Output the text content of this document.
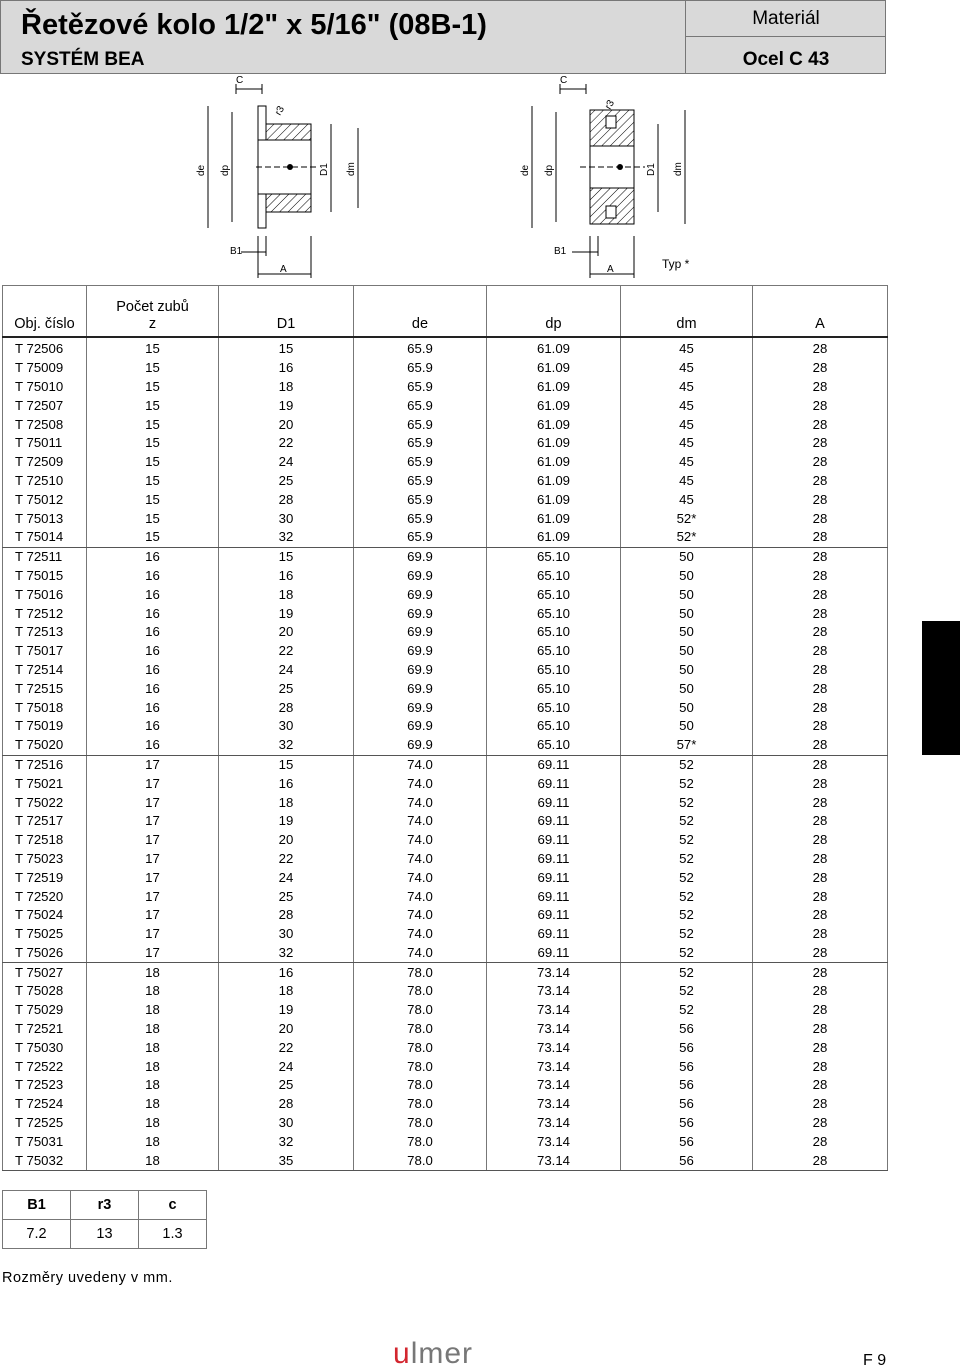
Řetězové kolo 1/2" x 5/16" (08B-1)
SYSTÉM BEA
Materiál
Ocel C 43
C
r3
de dp	D1 dm
B1
A
C
r3
de dp	D1 dm
B1
A	Typ *
Obj. číslo	Počet zubů
z	D1	de	dp	dm	A
T 72506	15	15	65.9	61.09	45	28
T 75009	15	16	65.9	61.09	45	28
T 75010	15	18	65.9	61.09	45	28
T 72507	15	19	65.9	61.09	45	28
T 72508	15	20	65.9	61.09	45	28
T 75011	15	22	65.9	61.09	45	28
T 72509	15	24	65.9	61.09	45	28
T 72510	15	25	65.9	61.09	45	28
T 75012	15	28	65.9	61.09	45	28
T 75013	15	30	65.9	61.09	52*	28
T 75014	15	32	65.9	61.09	52*	28
T 72511	16	15	69.9	65.10	50	28
T 75015	16	16	69.9	65.10	50	28
T 75016	16	18	69.9	65.10	50	28
T 72512	16	19	69.9	65.10	50	28
T 72513	16	20	69.9	65.10	50	28
T 75017	16	22	69.9	65.10	50	28
T 72514	16	24	69.9	65.10	50	28
T 72515	16	25	69.9	65.10	50	28
T 75018	16	28	69.9	65.10	50	28
T 75019	16	30	69.9	65.10	50	28
T 75020	16	32	69.9	65.10	57*	28
T 72516	17	15	74.0	69.11	52	28
T 75021	17	16	74.0	69.11	52	28
T 75022	17	18	74.0	69.11	52	28
T 72517	17	19	74.0	69.11	52	28
T 72518	17	20	74.0	69.11	52	28
T 75023	17	22	74.0	69.11	52	28
T 72519	17	24	74.0	69.11	52	28
T 72520	17	25	74.0	69.11	52	28
T 75024	17	28	74.0	69.11	52	28
T 75025	17	30	74.0	69.11	52	28
T 75026	17	32	74.0	69.11	52	28
T 75027	18	16	78.0	73.14	52	28
T 75028	18	18	78.0	73.14	52	28
T 75029	18	19	78.0	73.14	52	28
T 72521	18	20	78.0	73.14	56	28
T 75030	18	22	78.0	73.14	56	28
T 72522	18	24	78.0	73.14	56	28
T 72523	18	25	78.0	73.14	56	28
T 72524	18	28	78.0	73.14	56	28
T 72525	18	30	78.0	73.14	56	28
T 75031	18	32	78.0	73.14	56	28
T 75032	18	35	78.0	73.14	56	28
B1	r3	c
7.2	13	1.3
Rozměry uvedeny v mm.
ulmer	F 9
